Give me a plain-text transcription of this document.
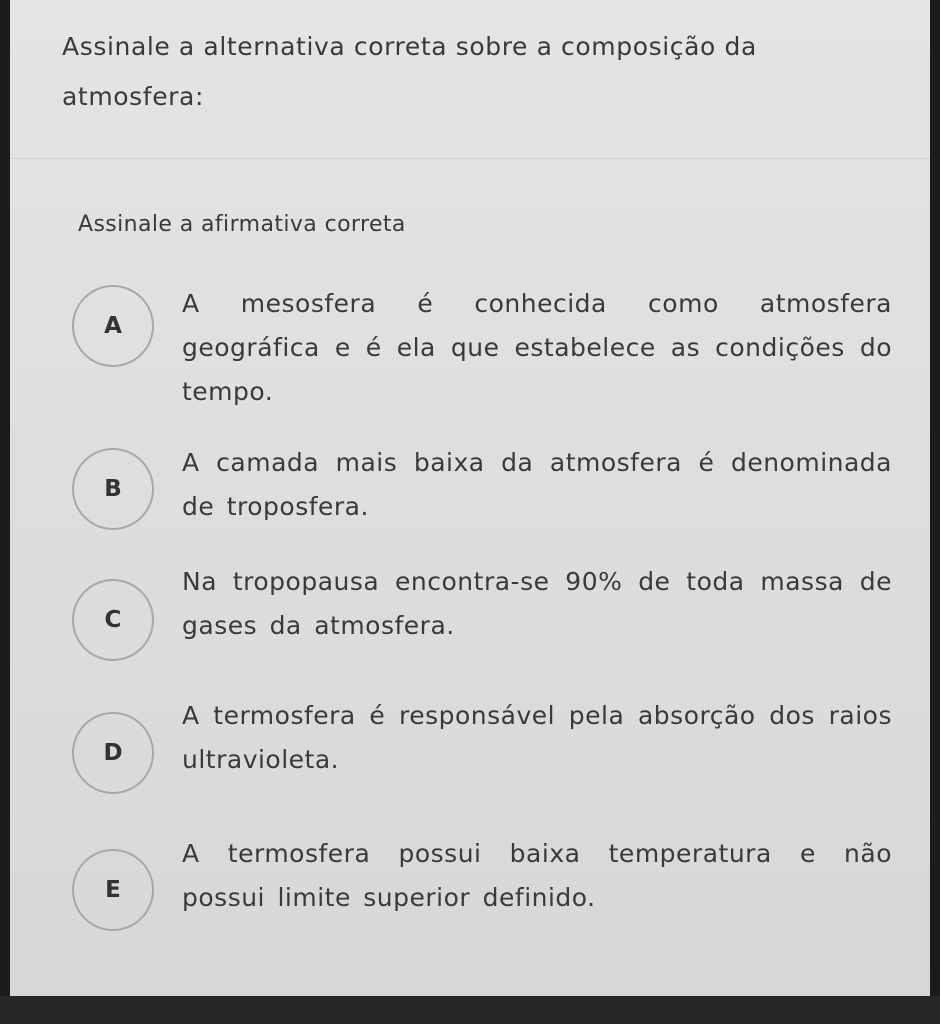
Assinale a alternativa correta sobre a composição da atmosfera:
Assinale a afirmativa correta
A
A mesosfera é conhecida como atmosfera geográfica e é ela que estabelece as condições do tempo.
B
A camada mais baixa da atmosfera é denominada de troposfera.
C
Na tropopausa encontra-se 90% de toda massa de gases da atmosfera.
D
A termosfera é responsável pela absorção dos raios ultravioleta.
E
A termosfera possui baixa temperatura e não possui limite superior definido.
